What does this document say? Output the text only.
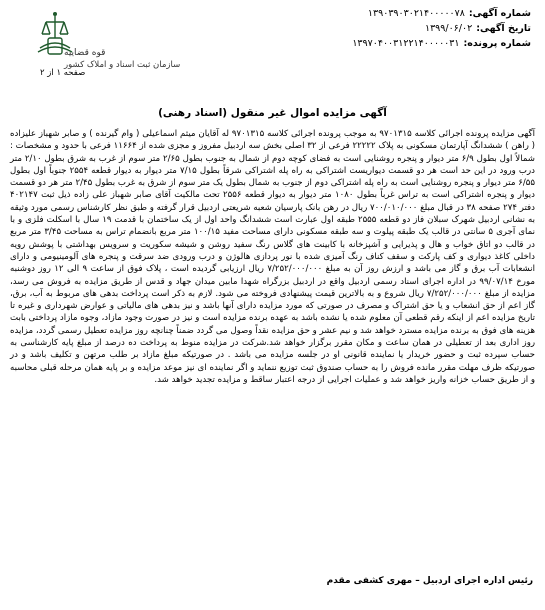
شماره آگهی:
۱۳۹۰۳۹۰۳۰۲۱۴۰۰۰۰۰۷۸
تاریخ آگهی:
۱۳۹۹/۰۶/۰۲
شماره پرونده:
۱۳۹۷۰۴۰۰۳۱۲۲۱۴۰۰۰۰۰۳۱
قوه قضاییه
سازمان ثبت اسناد و املاک کشور
صفحه ۱ از ۲
آگهی مزایده اموال غیر منقول (اسناد رهنی)

آگهی مزایده پرونده اجرائی کلاسه ۹۷۰۱۳۱۵ به موجب پرونده اجرائی کلاسه ۹۷۰۱۳۱۵ له آقایان میثم اسماعیلی ( وام گیرنده ) و صابر شهباز علیزاده ( راهن ) ششدانگ آپارتمان مسکونی به پلاک ۲۲۲۲۲ فرعی از ۳۲ اصلی بخش سه اردبیل مفروز و مجزی شده از ۱۱۶۶۴ فرعی با حدود و مشخصات : شمالاً اول بطول ۶/۹ متر دیوار و پنجره روشنایی است به فضای کوچه دوم از شمال به جنوب بطول ۲/۶۵ متر سوم از غرب به شرق بطول ۲/۱۰ متر درب ورود در این حد است هر دو قسمت دیواریست اشتراکی به راه پله اشتراکی شرقاً بطول ۷/۱۵ متر دیوار به دیوار قطعه ۲۵۵۴ جنوباً اول بطول ۶/۵۵ متر دیوار و پنجره روشنایی است به راه پله اشتراکی دوم از جنوب به شمال بطول یک متر سوم از شرق به غرب بطول ۲/۴۵ متر هر دو قسمت دیوار و پنجره اشتراکی است به تراس غرباً بطول ۱۰۸۰ متر دیوار به دیوار قطعه ۲۵۵۶ تحت مالکیت آقای صابر شهباز علی زاده ذیل ثبت ۴۰۲۱۴۷ دفتر ۲۷۴ صفحه ۳۸ در قبال مبلغ ۷۰۰/۰۱۰/۰۰۰ ریال در رهن بانک پارسیان شعبه شریعتی اردبیل قرار گرفته و طبق نظر کارشناس رسمی مورد وثیقه به نشانی اردبیل شهرک سبلان فاز دو قطعه ۲۵۵۵ طبقه اول عبارت است ششدانگ واحد اول از یک ساختمان با قدمت ۱۹ سال با اسکلت فلزی و با نمای آجری ۵ سانتی در قالب یک طبقه پیلوت و سه طبقه مسکونی دارای مساحت مفید ۱۰۰/۱۵ متر مربع بانضمام تراس به مساحت ۳/۴۵ متر مربع در قالب دو اتاق خواب و هال و پذیرایی و آشپزخانه با کابینت های گلاس رنگ سفید روشن و شیشه سکوریت و سرویس بهداشتی با پوشش رویه داخلی کاغذ دیواری و کف پارکت و سقف کناف رنگ آمیزی شده با نور پردازی هالوژن و درب ورودی ضد سرقت و پنجره های آلومینیومی و دارای انشعابات آب برق و گاز می باشد و ارزش روز آن به مبلغ ۷/۲۵۲/۰۰۰/۰۰۰ ریال ارزیابی گردیده است ، پلاک فوق از ساعت ۹ الی ۱۲ روز دوشنبه مورخ ۹۹/۰۷/۱۴ در اداره اجرای اسناد رسمی اردبیل واقع در اردبیل بزرگراه شهدا مابین میدان جهاد و قدس از طریق مزایده به فروش می رسد، مزایده از مبلغ ۷/۲۵۲/۰۰۰/۰۰۰ ریال شروع و به بالاترین قیمت پیشنهادی فروخته می شود. لازم به ذکر است پرداخت بدهی های مربوط به آب، برق، گاز اعم از حق انشعاب و یا حق اشتراک و مصرف در صورتی که مورد مزایده دارای آنها باشد و نیز بدهی های مالیاتی و عوارض شهرداری و غیره تا تاریخ مزایده اعم از اینکه رقم قطعی آن معلوم شده یا نشده باشد به عهده برنده مزایده است و نیز در صورت وجود مازاد، وجوه مازاد پرداختی بابت هزینه های فوق به برنده مزایده مسترد خواهد شد و نیم عشر و حق مزایده نقداً وصول می گردد ضمناً چنانچه روز مزایده تعطیل رسمی گردد، مزایده روز اداری بعد از تعطیلی در همان ساعت و مکان مقرر برگزار خواهد شد.شرکت در مزایده منوط به پرداخت ده درصد از مبلغ پایه کارشناسی به حساب سپرده ثبت و حضور خریدار یا نماینده قانونی او در جلسه مزایده می باشد . در صورتیکه مبلغ مازاد بر طلب مرتهن و تکلیف باشد و در صورتیکه ظرف مهلت مقرر مانده فروش را به حساب صندوق ثبت توزیع ننماید و اگر نماینده ای نیز موعد مزایده و بر پایه همان مرحله قبلی محاسبه و از طریق حساب خزانه واریز خواهد شد و عملیات اجرایی از درجه اعتبار ساقط و مزایده تجدید خواهد شد.

رئیس اداره اجرای اردبیل – مهری کشفی مقدم
